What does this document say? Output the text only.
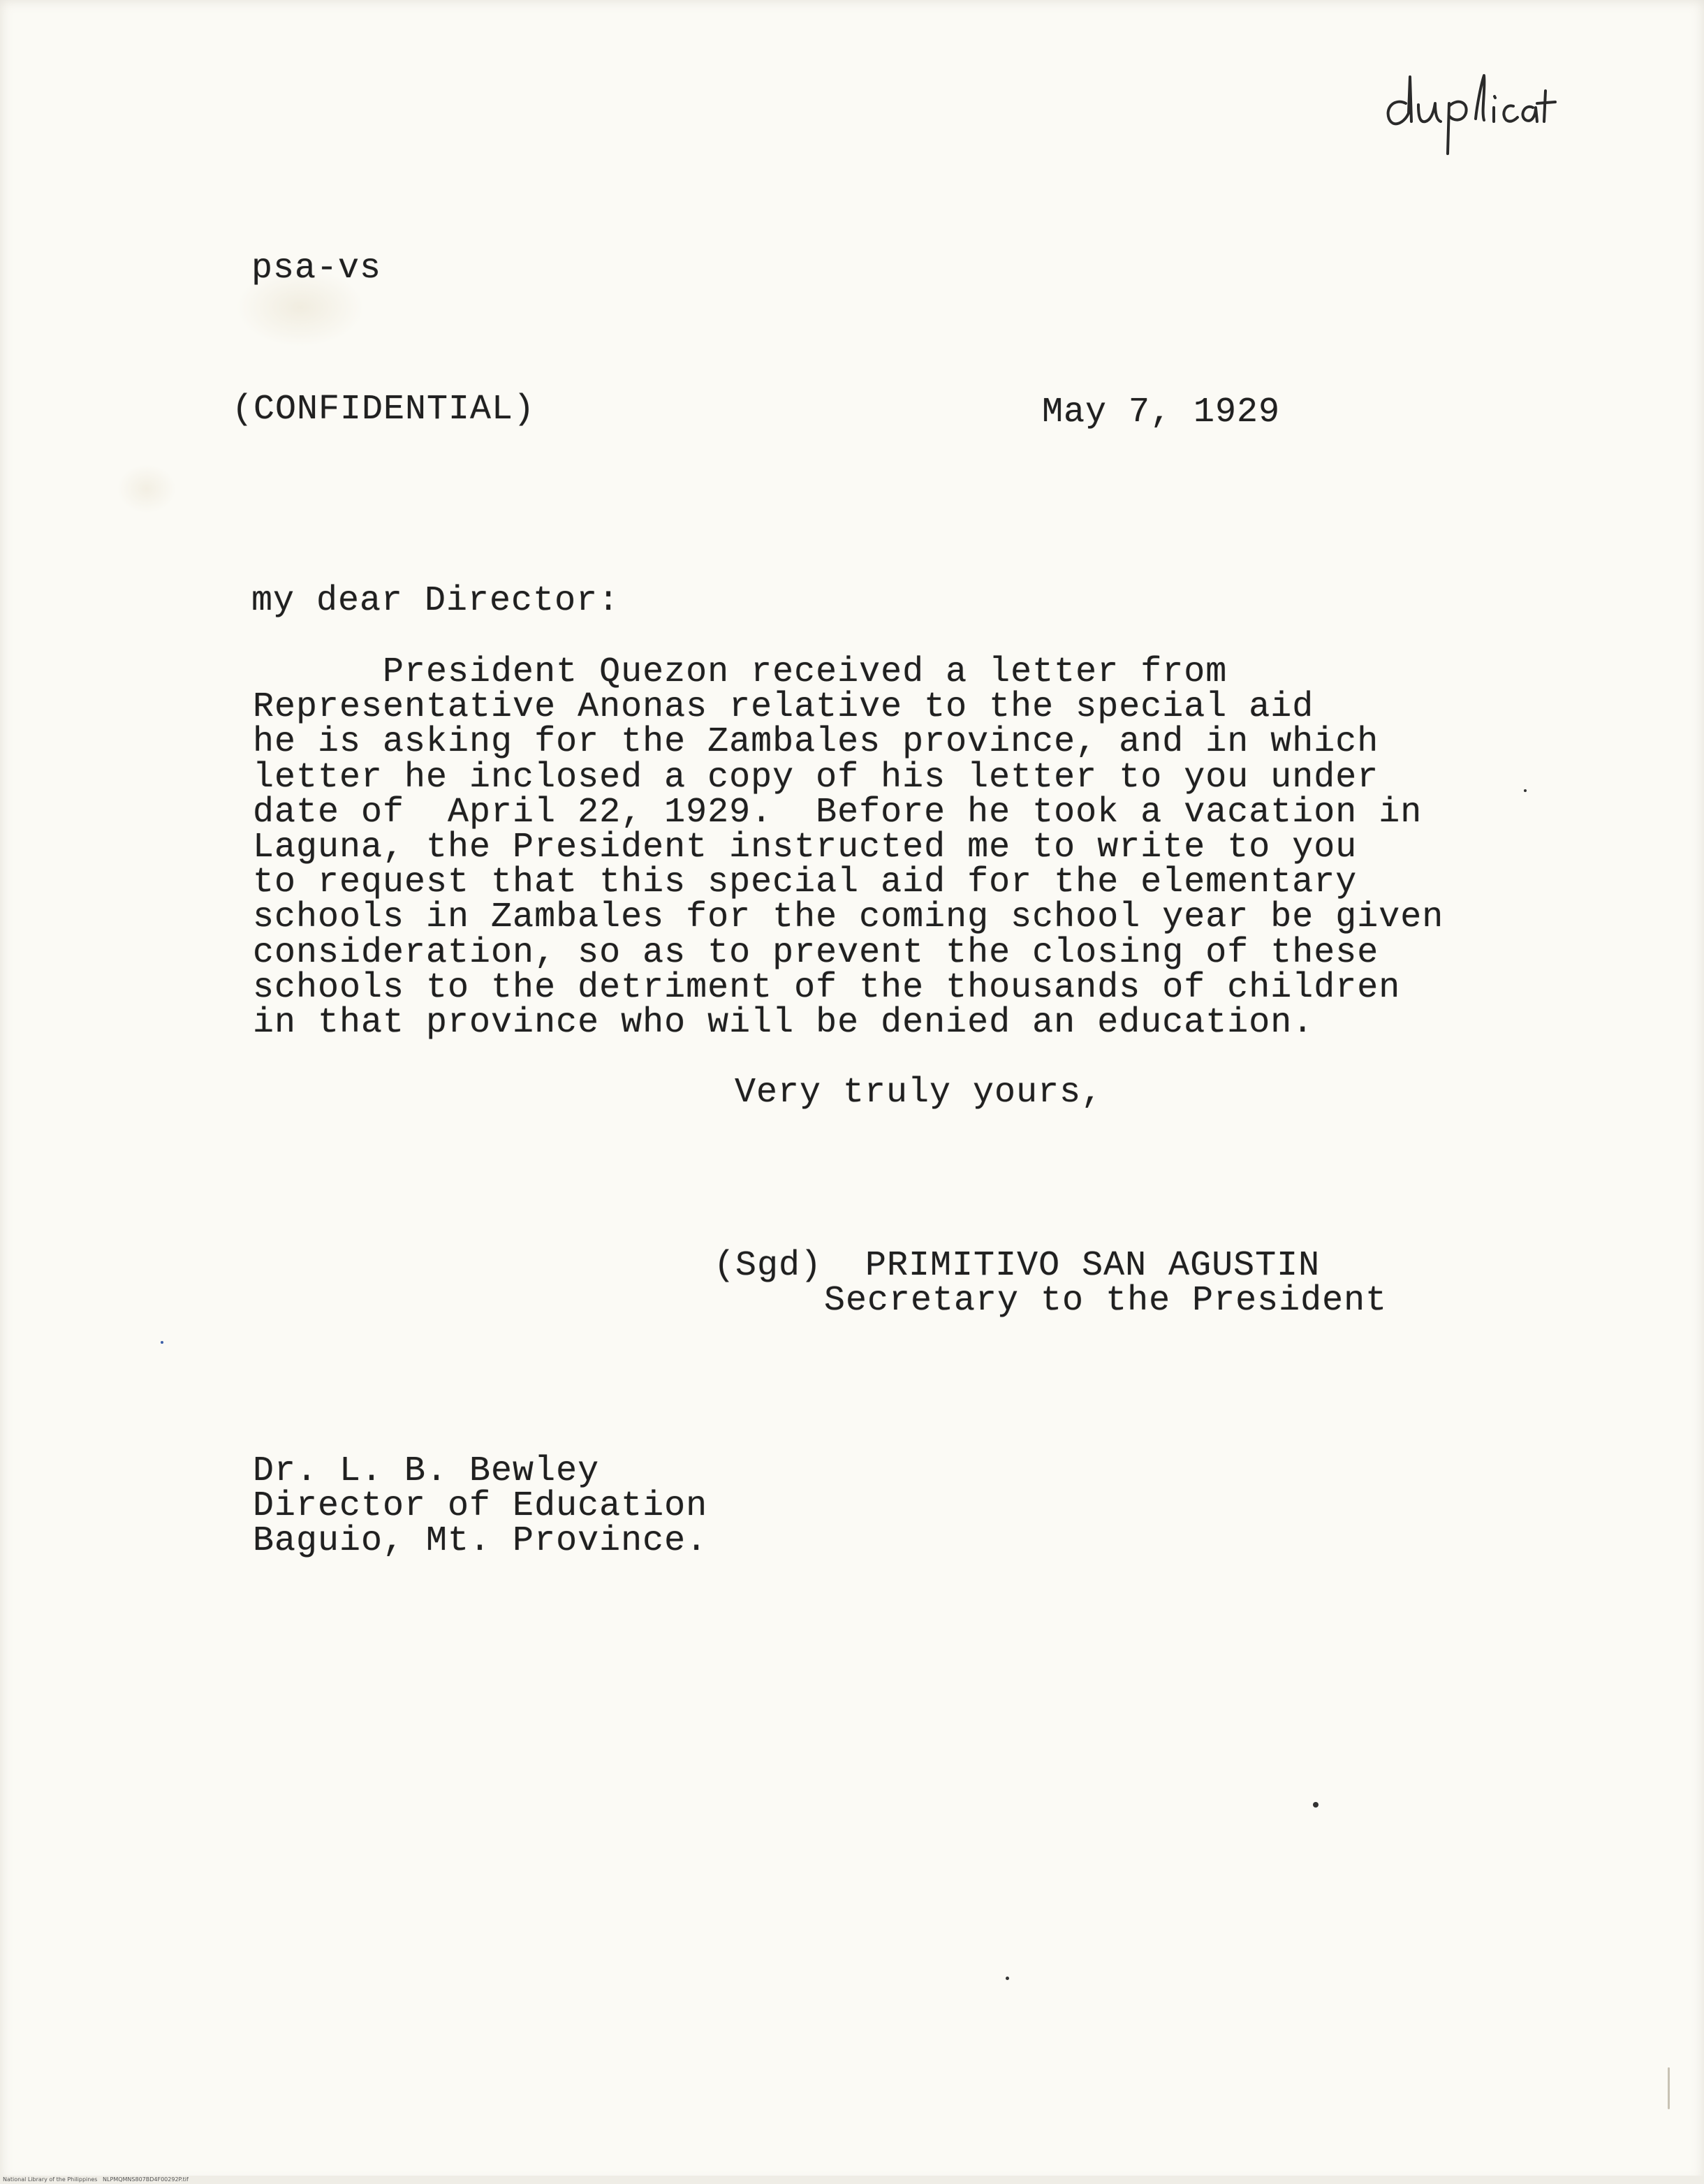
psa-vs
(CONFIDENTIAL)	May 7, 1929
my dear Director:
President Quezon received a letter from
Representative Anonas relative to the special aid
he is asking for the Zambales province, and in which
letter he inclosed a copy of his letter to you under
date of  April 22, 1929.  Before he took a vacation in
Laguna, the President instructed me to write to you
to request that this special aid for the elementary
schools in Zambales for the coming school year be given
consideration, so as to prevent the closing of these
schools to the detriment of the thousands of children
in that province who will be denied an education.
Very truly yours,
(Sgd)  PRIMITIVO SAN AGUSTIN
Secretary to the President
Dr. L. B. Bewley
Director of Education
Baguio, Mt. Province.
National Library of the Philippines   NLPMQMNS807BD4F00292P.tif
